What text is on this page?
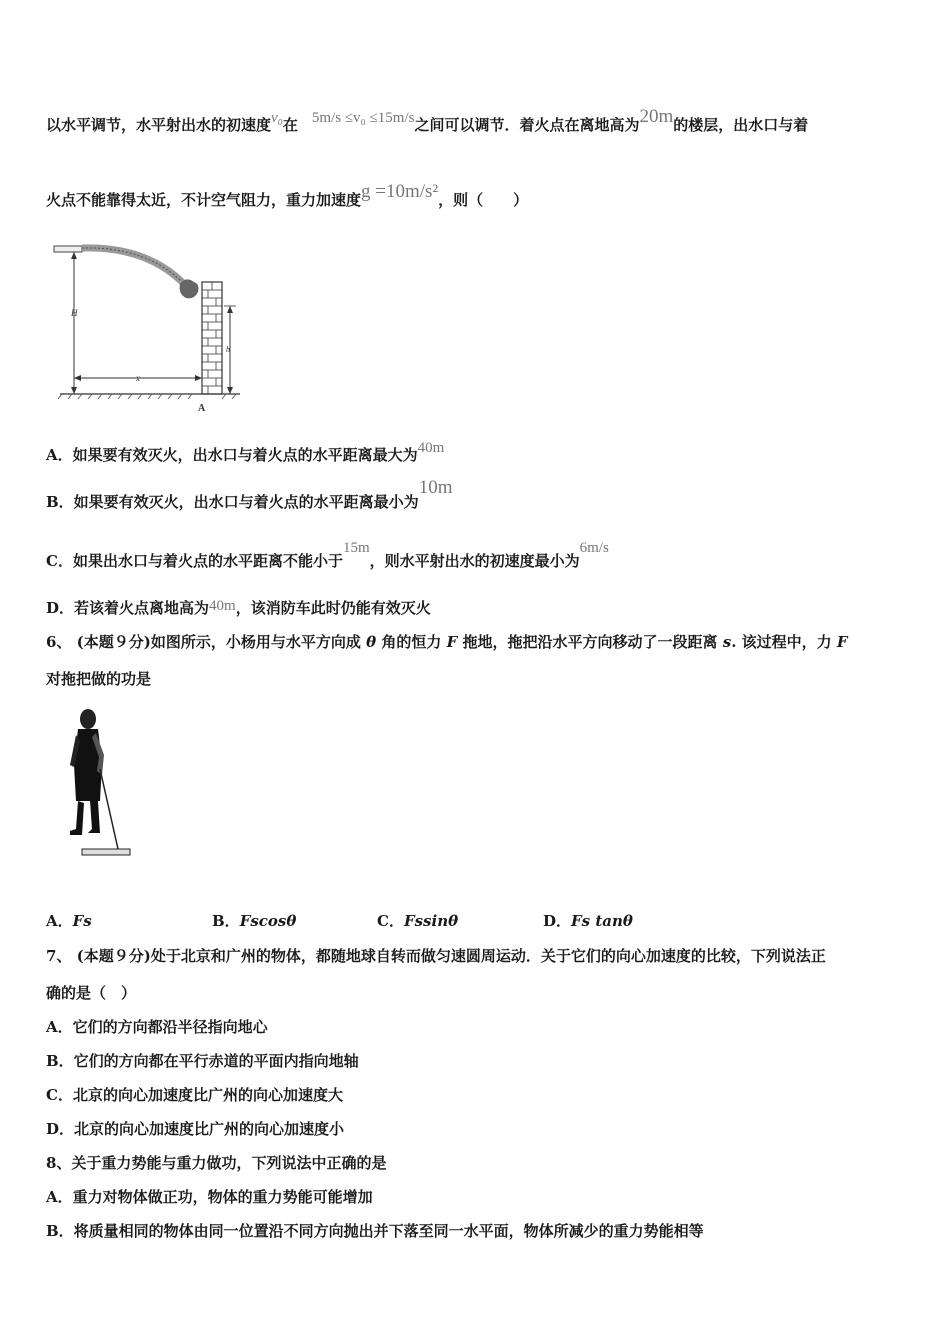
以水平调节，水平射出水的初速度v₀在 5m/s ≤v₀ ≤15m/s之间可以调节．着火点在离地高为20m的楼层，出水口与着
火点不能靠得太近，不计空气阻力，重力加速度g =10m/s²，则（　　）
H
x
h
A
A．如果要有效灭火，出水口与着火点的水平距离最大为40m
B．如果要有效灭火，出水口与着火点的水平距离最小为10m
C．如果出水口与着火点的水平距离不能小于15m，则水平射出水的初速度最小为6m/s
D．若该着火点离地高为40m，该消防车此时仍能有效灭火
6、 (本题９分)如图所示，小杨用与水平方向成 θ 角的恒力 F 拖地，拖把沿水平方向移动了一段距离 s. 该过程中，力 F
对拖把做的功是
A．Fs	B．Fscosθ	C．Fssinθ	D．Fs tanθ
7、 (本题９分)处于北京和广州的物体，都随地球自转而做匀速圆周运动．关于它们的向心加速度的比较，下列说法正
确的是（　）
A．它们的方向都沿半径指向地心
B．它们的方向都在平行赤道的平面内指向地轴
C．北京的向心加速度比广州的向心加速度大
D．北京的向心加速度比广州的向心加速度小
8、关于重力势能与重力做功，下列说法中正确的是
A．重力对物体做正功，物体的重力势能可能增加
B．将质量相同的物体由同一位置沿不同方向抛出并下落至同一水平面，物体所减少的重力势能相等
